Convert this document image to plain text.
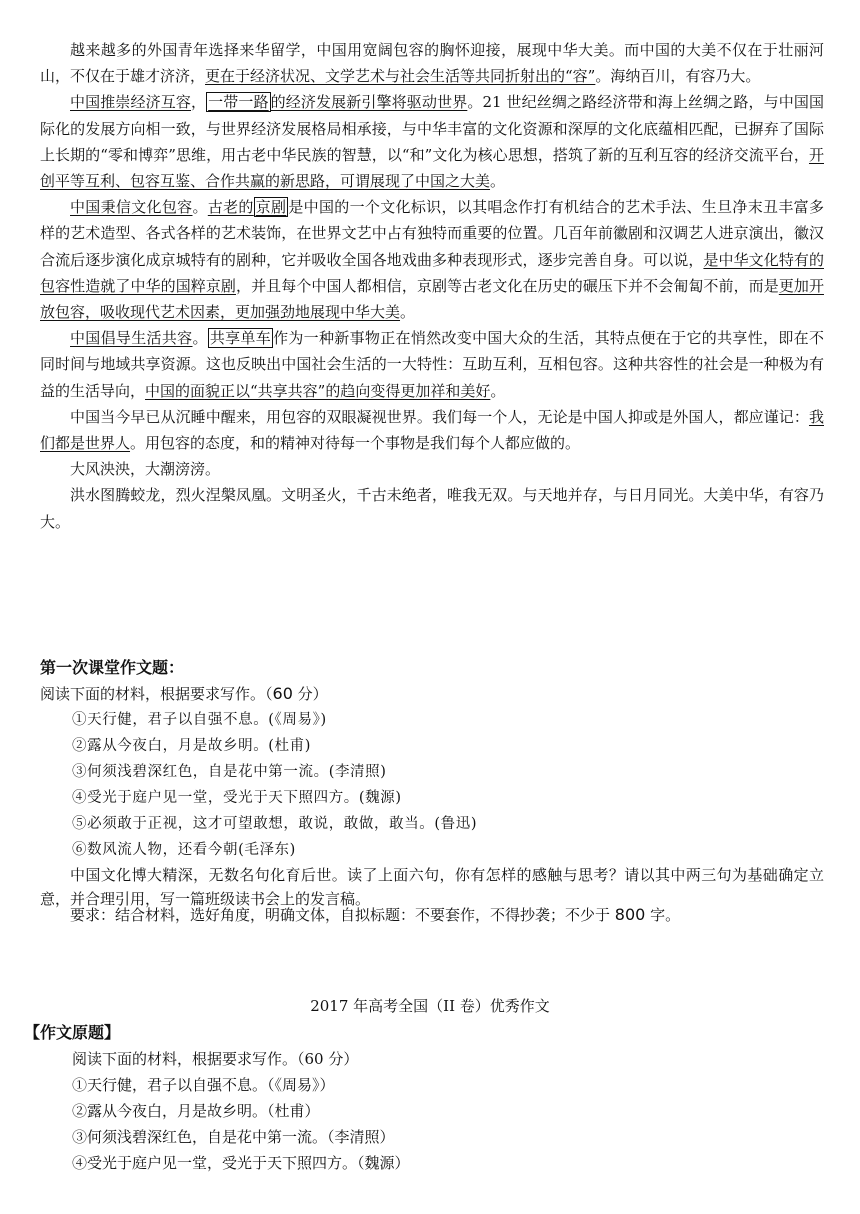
越来越多的外国青年选择来华留学，中国用宽阔包容的胸怀迎接，展现中华大美。而中国的大美不仅在于壮丽河山，不仅在于雄才济济，更在于经济状况、文学艺术与社会生活等共同折射出的“容”。海纳百川，有容乃大。

中国推崇经济互容， 一带一路 的经济发展新引擎将驱动世界。21 世纪丝绸之路经济带和海上丝绸之路，与中国国际化的发展方向相一致，与世界经济发展格局相承接，与中华丰富的文化资源和深厚的文化底蕴相匹配，已摒弃了国际上长期的“零和博弈”思维，用古老中华民族的智慧，以“和”文化为核心思想，搭筑了新的互利互容的经济交流平台，开创平等互利、包容互鉴、合作共赢的新思路，可谓展现了中国之大美。

中国秉信文化包容。古老的 京剧 是中国的一个文化标识，以其唱念作打有机结合的艺术手法、生旦净末丑丰富多样的艺术造型、各式各样的艺术装饰，在世界文艺中占有独特而重要的位置。几百年前徽剧和汉调艺人进京演出，徽汉合流后逐步演化成京城特有的剧种，它并吸收全国各地戏曲多种表现形式，逐步完善自身。可以说，是中华文化特有的包容性造就了中华的国粹京剧，并且每个中国人都相信，京剧等古老文化在历史的碾压下并不会匍匐不前，而是更加开放包容，吸收现代艺术因素，更加强劲地展现中华大美。

中国倡导生活共容。 共享单车 作为一种新事物正在悄然改变中国大众的生活，其特点便在于它的共享性，即在不同时间与地域共享资源。这也反映出中国社会生活的一大特性：互助互利，互相包容。这种共容性的社会是一种极为有益的生活导向，中国的面貌正以“共享共容”的趋向变得更加祥和美好。

中国当今早已从沉睡中醒来，用包容的双眼凝视世界。我们每一个人，无论是中国人抑或是外国人，都应谨记：我们都是世界人。用包容的态度，和的精神对待每一个事物是我们每个人都应做的。

大风泱泱，大潮滂滂。

洪水图腾蛟龙，烈火涅槃凤凰。文明圣火，千古未绝者，唯我无双。与天地并存，与日月同光。大美中华，有容乃大。

第一次课堂作文题：
阅读下面的材料，根据要求写作。（60 分）
①天行健，君子以自强不息。(《周易》)
②露从今夜白，月是故乡明。(杜甫)
③何须浅碧深红色，自是花中第一流。(李清照)
④受光于庭户见一堂，受光于天下照四方。(魏源)
⑤必须敢于正视，这才可望敢想，敢说，敢做，敢当。(鲁迅)
⑥数风流人物，还看今朝(毛泽东)

中国文化博大精深，无数名句化育后世。读了上面六句，你有怎样的感触与思考？请以其中两三句为基础确定立意，并合理引用，写一篇班级读书会上的发言稿。

要求：结合材料，选好角度，明确文体，自拟标题：不要套作，不得抄袭；不少于 800 字。
2017 年高考全国（II 卷）优秀作文
【作文原题】
阅读下面的材料，根据要求写作。（60 分）
①天行健，君子以自强不息。（《周易》）
②露从今夜白，月是故乡明。（杜甫）
③何须浅碧深红色，自是花中第一流。（李清照）
④受光于庭户见一堂，受光于天下照四方。（魏源）
